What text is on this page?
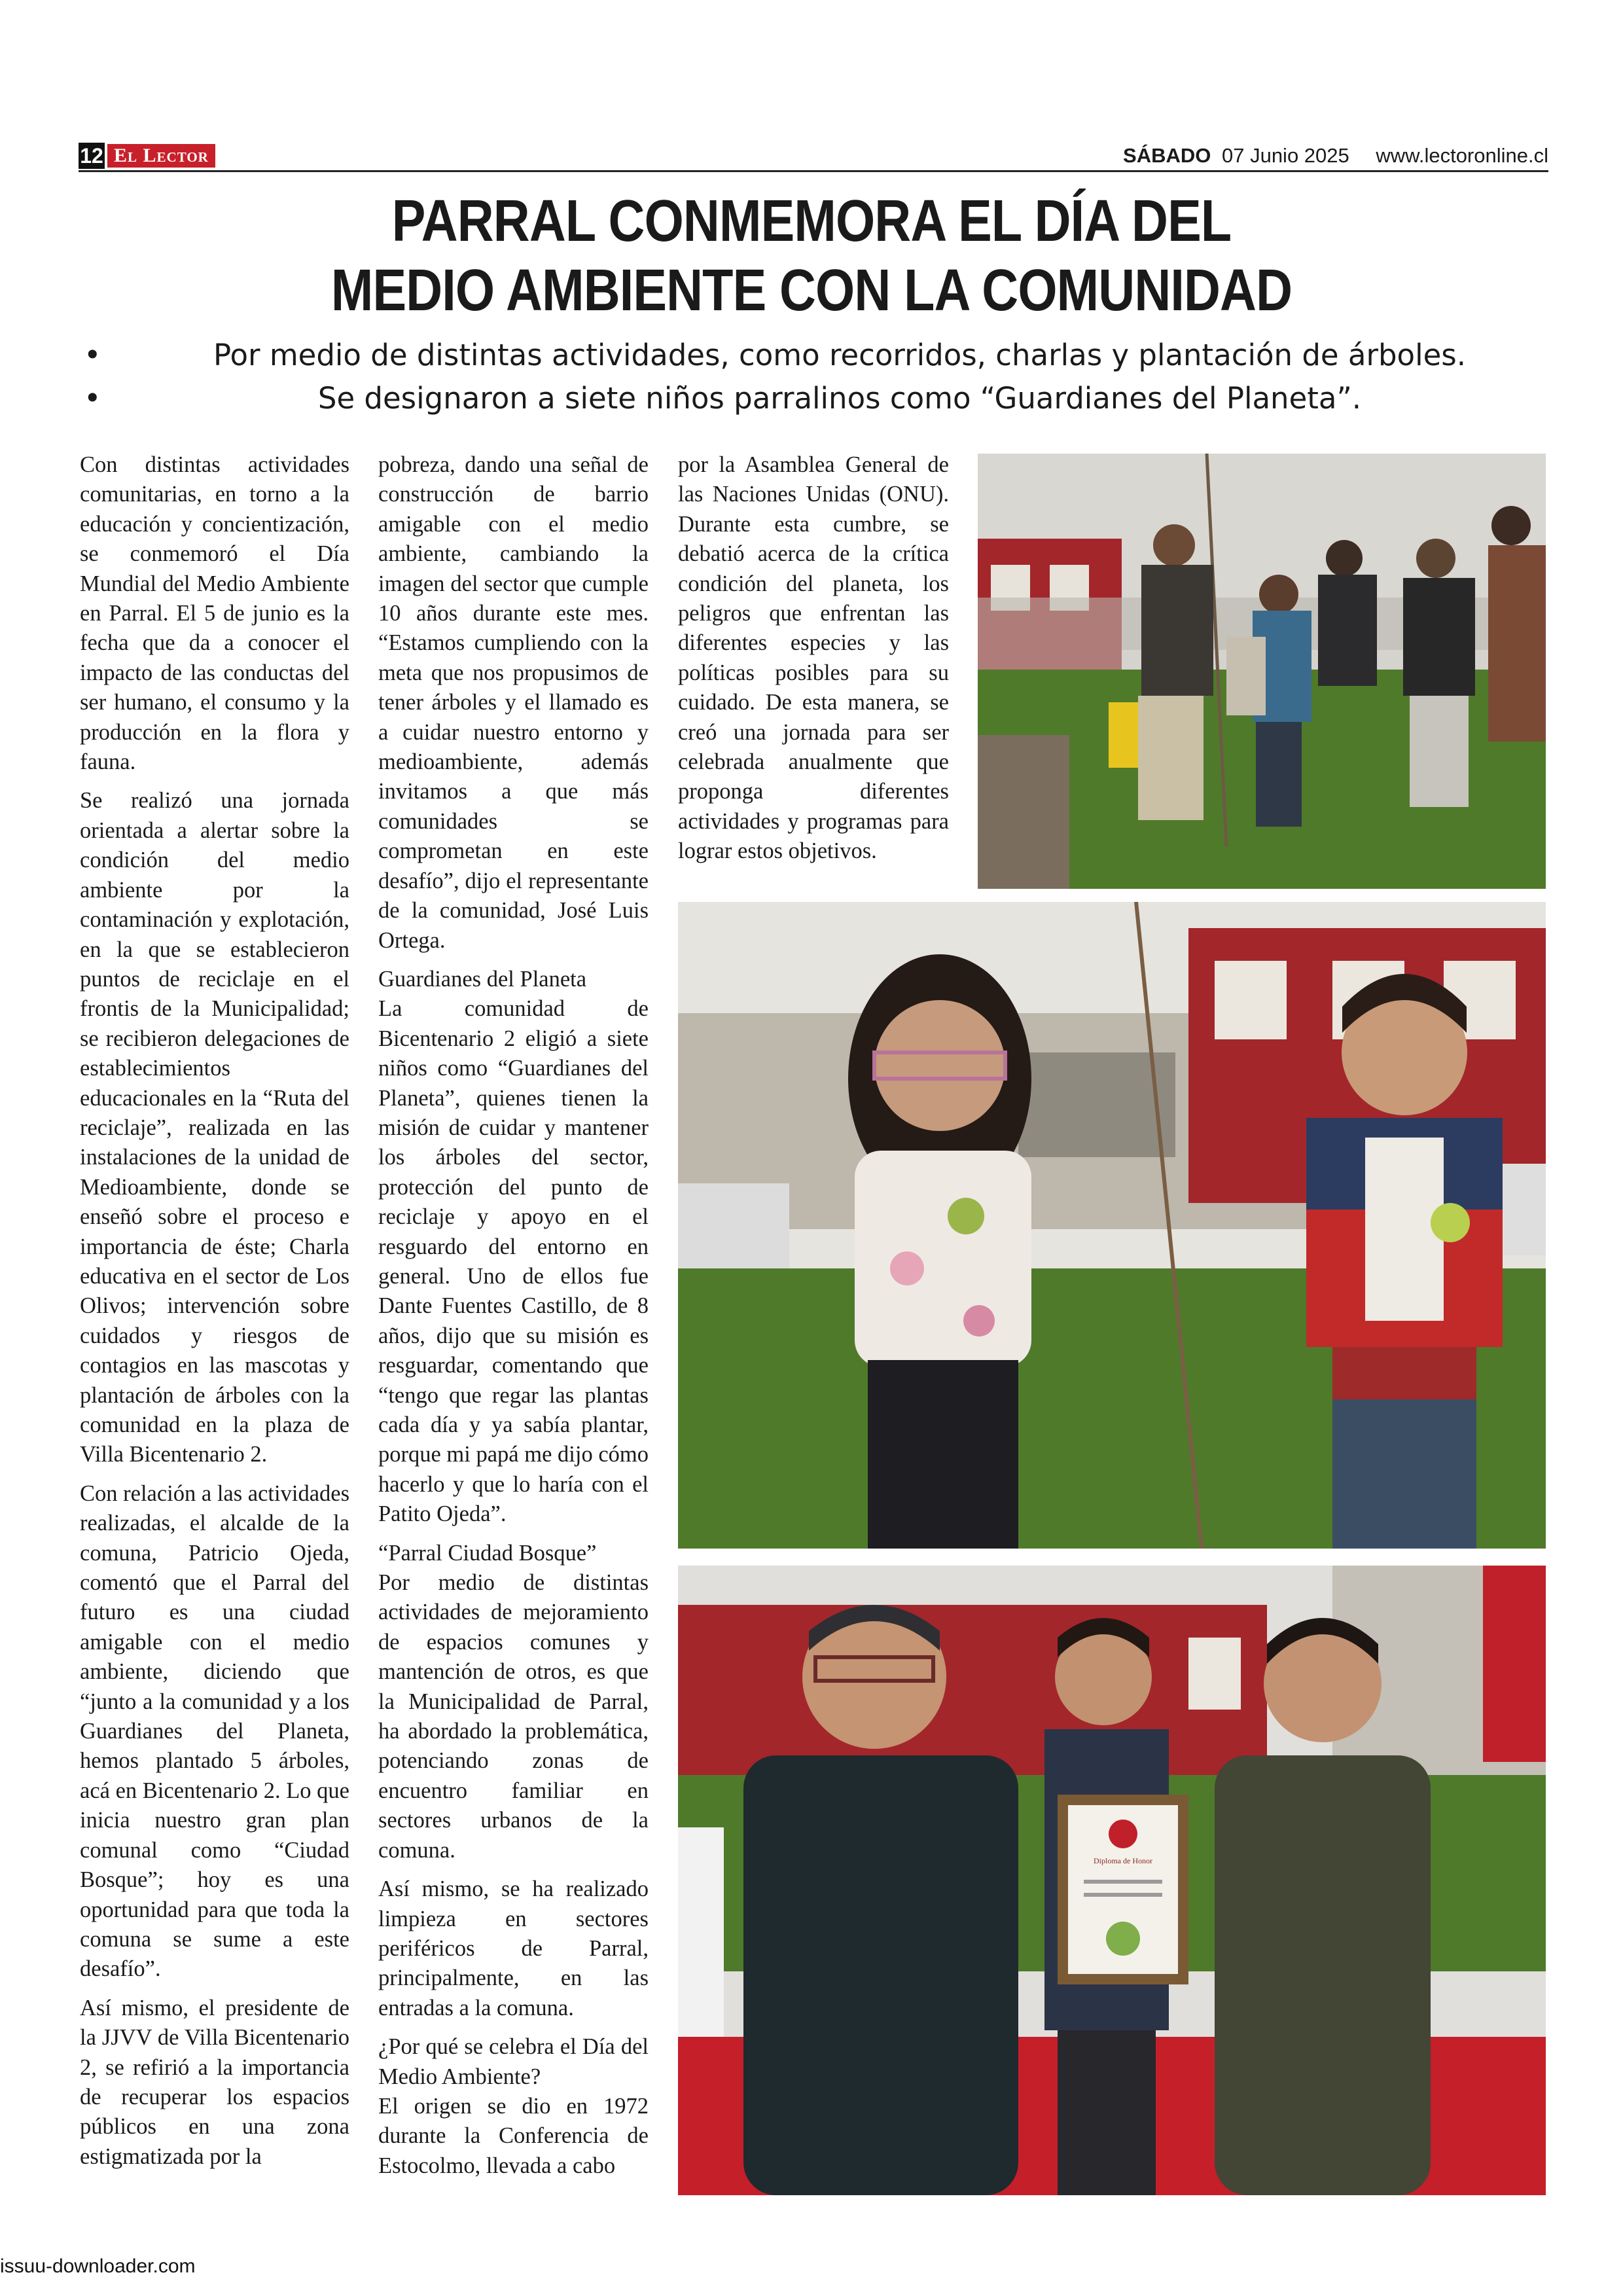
12 El Lector	SÁBADO 07 Junio 2025 www.lectoronline.cl
PARRAL CONMEMORA EL DÍA DEL
MEDIO AMBIENTE CON LA COMUNIDAD
•	Por medio de distintas actividades, como recorridos, charlas y plantación de árboles.
•	Se designaron a siete niños parralinos como “Guardianes del Planeta”.

Con distintas actividades comunitarias, en torno a la educación y concientización, se conmemoró el Día Mundial del Medio Ambiente en Parral. El 5 de junio es la fecha que da a conocer el impacto de las conductas del ser humano, el consumo y la producción en la flora y fauna.

Se realizó una jornada orientada a alertar sobre la condición del medio ambiente por la contaminación y explotación, en la que se establecieron puntos de reciclaje en el frontis de la Municipalidad; se recibieron delegaciones de establecimientos educacionales en la “Ruta del reciclaje”, realizada en las instalaciones de la unidad de Medioambiente, donde se enseñó sobre el proceso e importancia de éste; Charla educativa en el sector de Los Olivos; intervención sobre cuidados y riesgos de contagios en las mascotas y plantación de árboles con la comunidad en la plaza de Villa Bicentenario 2.

Con relación a las actividades realizadas, el alcalde de la comuna, Patricio Ojeda, comentó que el Parral del futuro es una ciudad amigable con el medio ambiente, diciendo que “junto a la comunidad y a los Guardianes del Planeta, hemos plantado 5 árboles, acá en Bicentenario 2. Lo que inicia nuestro gran plan comunal como “Ciudad Bosque”; hoy es una oportunidad para que toda la comuna se sume a este desafío”.

Así mismo, el presidente de la JJVV de Villa Bicentenario 2, se refirió a la importancia de recuperar los espacios públicos en una zona estigmatizada por la

pobreza, dando una señal de construcción de barrio amigable con el medio ambiente, cambiando la imagen del sector que cumple 10 años durante este mes. “Estamos cumpliendo con la meta que nos propusimos de tener árboles y el llamado es a cuidar nuestro entorno y medioambiente, además invitamos a que más comunidades se comprometan en este desafío”, dijo el representante de la comunidad, José Luis Ortega.

Guardianes del Planeta

La comunidad de Bicentenario 2 eligió a siete niños como “Guardianes del Planeta”, quienes tienen la misión de cuidar y mantener los árboles del sector, protección del punto de reciclaje y apoyo en el resguardo del entorno en general. Uno de ellos fue Dante Fuentes Castillo, de 8 años, dijo que su misión es resguardar, comentando que “tengo que regar las plantas cada día y ya sabía plantar, porque mi papá me dijo cómo hacerlo y que lo haría con el Patito Ojeda”.

“Parral Ciudad Bosque”

Por medio de distintas actividades de mejoramiento de espacios comunes y mantención de otros, es que la Municipalidad de Parral, ha abordado la problemática, potenciando zonas de encuentro familiar en sectores urbanos de la comuna.

Así mismo, se ha realizado limpieza en sectores periféricos de Parral, principalmente, en las entradas a la comuna.

¿Por qué se celebra el Día del Medio Ambiente?

El origen se dio en 1972 durante la Conferencia de Estocolmo, llevada a cabo

por la Asamblea General de las Naciones Unidas (ONU). Durante esta cumbre, se debatió acerca de la crítica condición del planeta, los peligros que enfrentan las diferentes especies y las políticas posibles para su cuidado. De esta manera, se creó una jornada para ser celebrada anualmente que proponga diferentes actividades y programas para lograr estos objetivos.

Diploma de Honor
issuu-downloader.com
